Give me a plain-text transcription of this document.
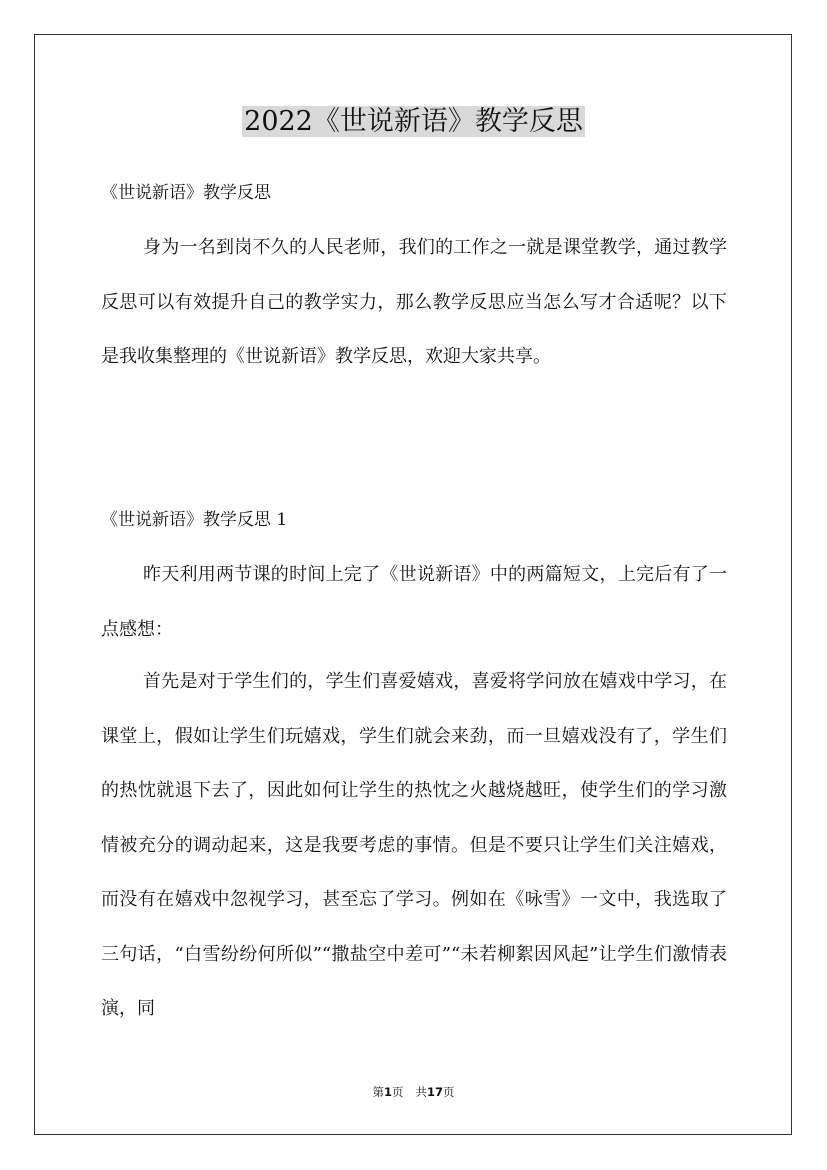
2022《世说新语》教学反思
《世说新语》教学反思
身为一名到岗不久的人民老师，我们的工作之一就是课堂教学，通过教学反思可以有效提升自己的教学实力，那么教学反思应当怎么写才合适呢？以下是我收集整理的《世说新语》教学反思，欢迎大家共享。
《世说新语》教学反思 1
昨天利用两节课的时间上完了《世说新语》中的两篇短文，上完后有了一点感想：
首先是对于学生们的，学生们喜爱嬉戏，喜爱将学问放在嬉戏中学习，在课堂上，假如让学生们玩嬉戏，学生们就会来劲，而一旦嬉戏没有了，学生们的热忱就退下去了，因此如何让学生的热忱之火越烧越旺，使学生们的学习激情被充分的调动起来，这是我要考虑的事情。但是不要只让学生们关注嬉戏，而没有在嬉戏中忽视学习，甚至忘了学习。例如在《咏雪》一文中，我选取了三句话，“白雪纷纷何所似”“撒盐空中差可”“未若柳絮因风起”让学生们激情表演，同
第1页 共17页
